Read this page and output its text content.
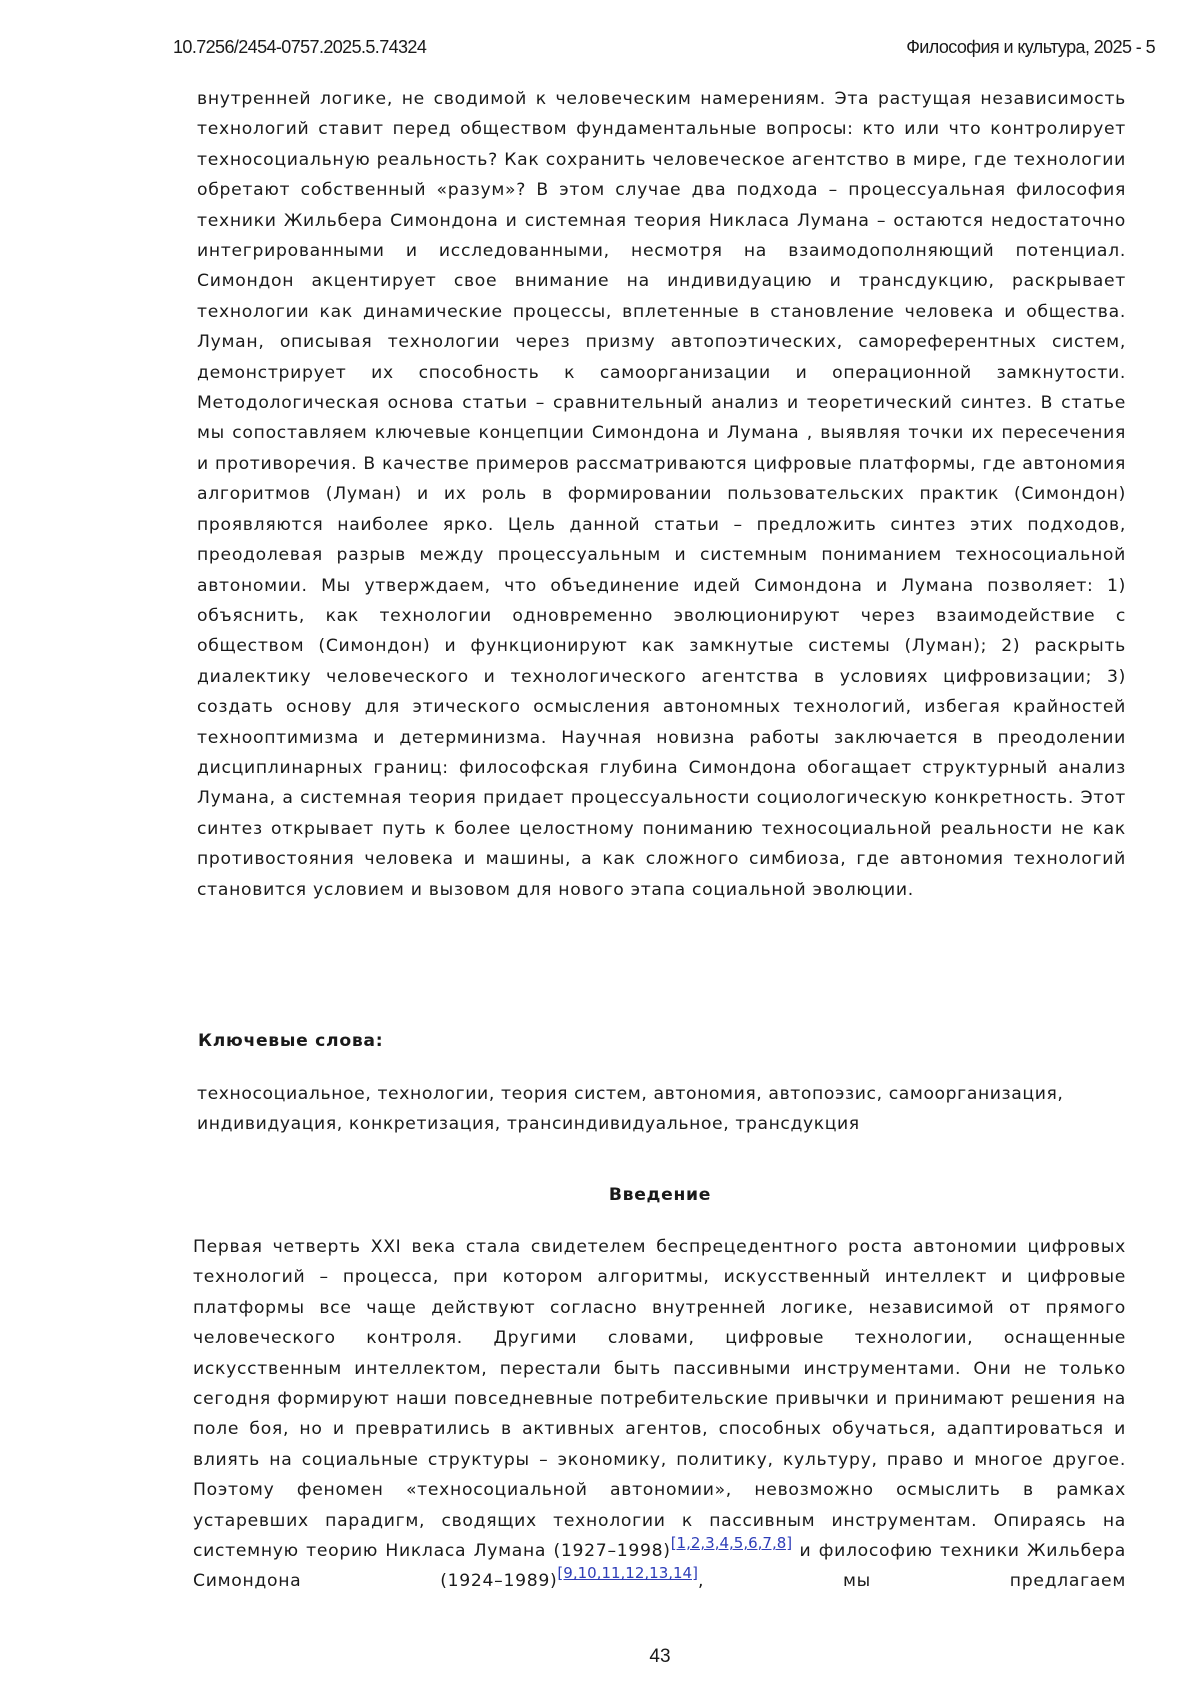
10.7256/2454-0757.2025.5.74324	Философия и культура, 2025 - 5

внутренней логике, не сводимой к человеческим намерениям. Эта растущая независимость технологий ставит перед обществом фундаментальные вопросы: кто или что контролирует техносоциальную реальность? Как сохранить человеческое агентство в мире, где технологии обретают собственный «разум»? В этом случае два подхода – процессуальная философия техники Жильбера Симондона и системная теория Никласа Лумана – остаются недостаточно интегрированными и исследованными, несмотря на взаимодополняющий потенциал. Симондон акцентирует свое внимание на индивидуацию и трансдукцию, раскрывает технологии как динамические процессы, вплетенные в становление человека и общества. Луман, описывая технологии через призму автопоэтических, самореферентных систем, демонстрирует их способность к самоорганизации и операционной замкнутости. Методологическая основа статьи – сравнительный анализ и теоретический синтез. В статье мы сопоставляем ключевые концепции Симондона и Лумана , выявляя точки их пересечения и противоречия. В качестве примеров рассматриваются цифровые платформы, где автономия алгоритмов (Луман) и их роль в формировании пользовательских практик (Симондон) проявляются наиболее ярко. Цель данной статьи – предложить синтез этих подходов, преодолевая разрыв между процессуальным и системным пониманием техносоциальной автономии. Мы утверждаем, что объединение идей Симондона и Лумана позволяет: 1) объяснить, как технологии одновременно эволюционируют через взаимодействие с обществом (Симондон) и функционируют как замкнутые системы (Луман); 2) раскрыть диалектику человеческого и технологического агентства в условиях цифровизации; 3) создать основу для этического осмысления автономных технологий, избегая крайностей технооптимизма и детерминизма. Научная новизна работы заключается в преодолении дисциплинарных границ: философская глубина Симондона обогащает структурный анализ Лумана, а системная теория придает процессуальности социологическую конкретность. Этот синтез открывает путь к более целостному пониманию техносоциальной реальности не как противостояния человека и машины, а как сложного симбиоза, где автономия технологий становится условием и вызовом для нового этапа социальной эволюции.

Ключевые слова:

техносоциальное, технологии, теория систем, автономия, автопоэзис, самоорганизация, индивидуация, конкретизация, трансиндивидуальное, трансдукция

Введение

Первая четверть XXI века стала свидетелем беспрецедентного роста автономии цифровых технологий – процесса, при котором алгоритмы, искусственный интеллект и цифровые платформы все чаще действуют согласно внутренней логике, независимой от прямого человеческого контроля. Другими словами, цифровые технологии, оснащенные искусственным интеллектом, перестали быть пассивными инструментами. Они не только сегодня формируют наши повседневные потребительские привычки и принимают решения на поле боя, но и превратились в активных агентов, способных обучаться, адаптироваться и влиять на социальные структуры – экономику, политику, культуру, право и многое другое. Поэтому феномен «техносоциальной автономии», невозможно осмыслить в рамках устаревших парадигм, сводящих технологии к пассивным инструментам. Опираясь на системную теорию Никласа Лумана (1927–1998)[1,2,3,4,5,6,7,8] и философию техники Жильбера Симондона (1924–1989)[9,10,11,12,13,14], мы предлагаем

43
